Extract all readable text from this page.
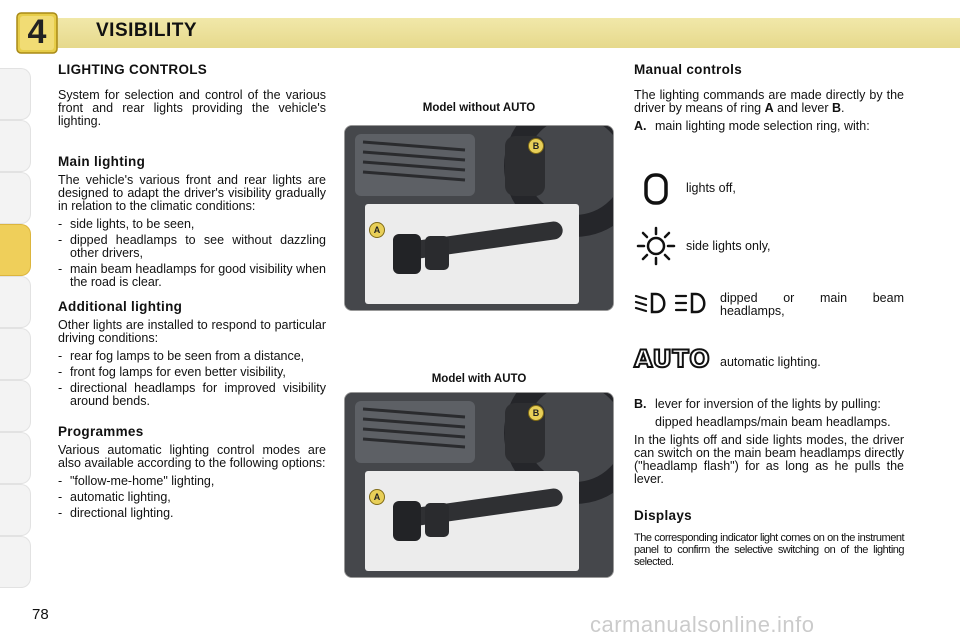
4	VISIBILITY
LIGHTING CONTROLS
System for selection and control of the various front and rear lights providing the vehicle's lighting.
Main lighting
The vehicle's various front and rear lights are designed to adapt the driver's visibility gradually in relation to the climatic conditions:
- side lights, to be seen,
- dipped headlamps to see without dazzling other drivers,
- main beam headlamps for good visibility when the road is clear.
Additional lighting
Other lights are installed to respond to particular driving conditions:
- rear fog lamps to be seen from a distance,
- front fog lamps for even better visibility,
- directional headlamps for improved visibility around bends.
Programmes
Various automatic lighting control modes are also available according to the following options:
- "follow-me-home" lighting,
- automatic lighting,
- directional lighting.
Model without AUTO
A
B
Model with AUTO
A
B
Manual controls
The lighting commands are made directly by the driver by means of ring A and lever B.
A. main lighting mode selection ring, with:
lights off,
side lights only,
dipped or main beam headlamps,
AUTO automatic lighting.
B. lever for inversion of the lights by pulling:
dipped headlamps/main beam headlamps.
In the lights off and side lights modes, the driver can switch on the main beam headlamps directly ("headlamp flash") for as long as he pulls the lever.
Displays
The corresponding indicator light comes on on the instrument panel to confirm the selective switching on of the lighting selected.
78	carmanualsonline.info
